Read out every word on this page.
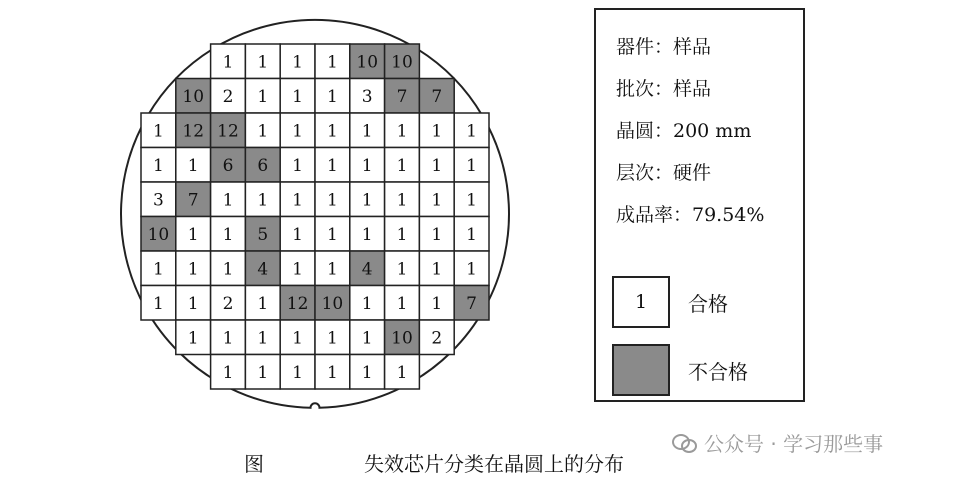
1 1 1 1 10 10
10 2 1 1 1 3 7 7
1 12 12 1 1 1 1 1 1 1
1 1 6 6 1 1 1 1 1 1
3 7 1 1 1 1 1 1 1 1
10 1 1 5 1 1 1 1 1 1
1 1 1 4 1 1 4 1 1 1
1 1 2 1 12 10 1 1 1 7
1 1 1 1 1 1 10 2
1 1 1 1 1 1
器件：样品
批次：样品
晶圆：200 mm
层次：硬件
成品率：79.54%
1 合格
不合格
图	失效芯片分类在晶圆上的分布
公众号 · 学习那些事
